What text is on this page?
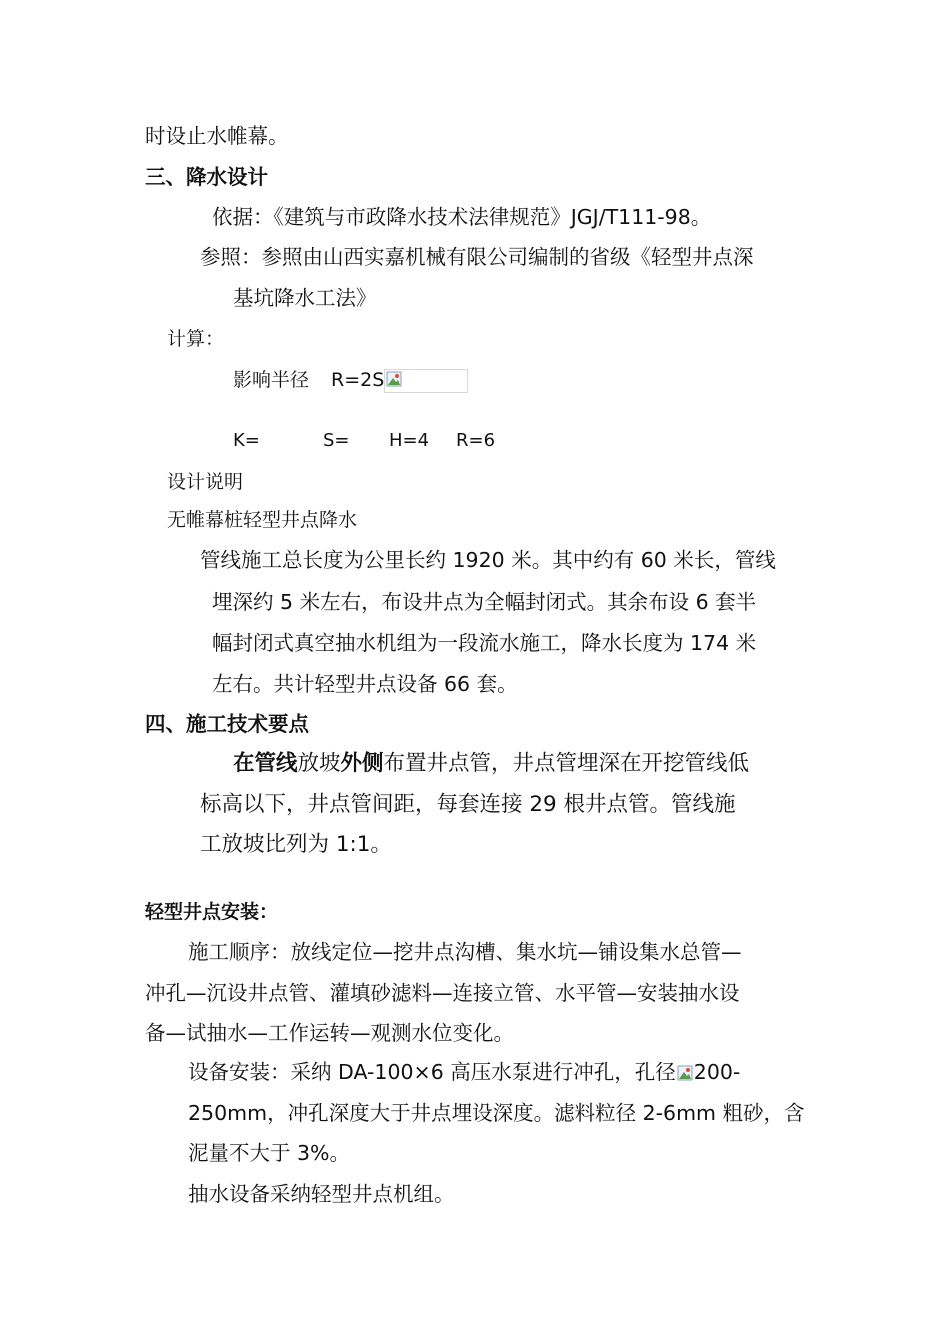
时设止水帷幕。
三、降水设计
依据：《建筑与市政降水技术法律规范》JGJ/T111-98。
参照：参照由山西实嘉机械有限公司编制的省级《轻型井点深
基坑降水工法》
计算：
影响半径 R=2S
K=	S= H=4 R=6
设计说明
无帷幕桩轻型井点降水
管线施工总长度为公里长约 1920 米。其中约有 60 米长，管线
埋深约 5 米左右，布设井点为全幅封闭式。其余布设 6 套半
幅封闭式真空抽水机组为一段流水施工，降水长度为 174 米
左右。共计轻型井点设备 66 套。
四、施工技术要点
在管线放坡外侧布置井点管，井点管埋深在开挖管线低
标高以下，井点管间距，每套连接 29 根井点管。管线施
工放坡比列为 1:1。
轻型井点安装：
施工顺序：放线定位—挖井点沟槽、集水坑—铺设集水总管—
冲孔—沉设井点管、灌填砂滤料—连接立管、水平管—安装抽水设
备—试抽水—工作运转—观测水位变化。
设备安装：采纳 DA-100×6 高压水泵进行冲孔，孔径 200-
250mm，冲孔深度大于井点埋设深度。滤料粒径 2-6mm 粗砂，含
泥量不大于 3%。
抽水设备采纳轻型井点机组。
